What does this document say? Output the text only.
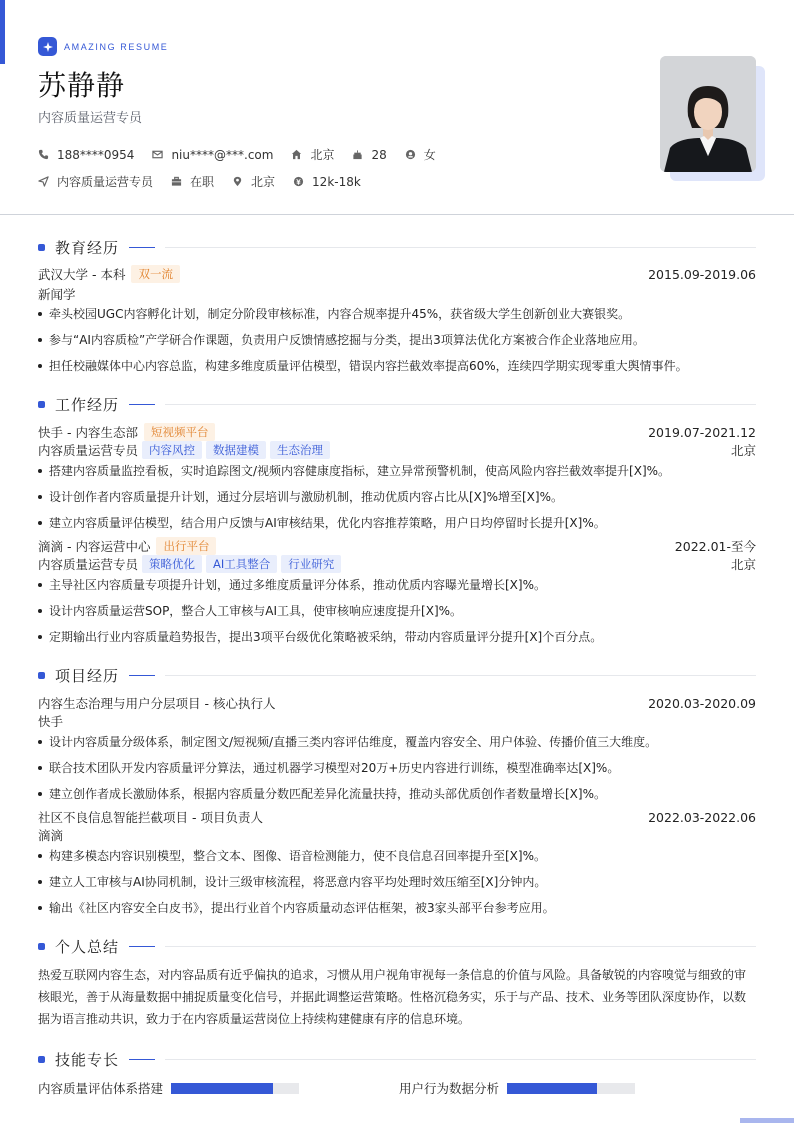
AMAZING RESUME
苏静静
内容质量运营专员
188****0954	niu****@***.com	北京	28	女
内容质量运营专员	在职	北京	12k-18k
教育经历
武汉大学 - 本科	双一流	2015.09-2019.06
新闻学
牵头校园UGC内容孵化计划，制定分阶段审核标准，内容合规率提升45%，获省级大学生创新创业大赛银奖。
参与“AI内容质检”产学研合作课题，负责用户反馈情感挖掘与分类，提出3项算法优化方案被合作企业落地应用。
担任校融媒体中心内容总监，构建多维度质量评估模型，错误内容拦截效率提高60%，连续四学期实现零重大舆情事件。
工作经历
快手 - 内容生态部	短视频平台	2019.07-2021.12
内容质量运营专员 内容风控	数据建模	生态治理	北京
搭建内容质量监控看板，实时追踪图文/视频内容健康度指标，建立异常预警机制，使高风险内容拦截效率提升[X]%。
设计创作者内容质量提升计划，通过分层培训与激励机制，推动优质内容占比从[X]%增至[X]%。
建立内容质量评估模型，结合用户反馈与AI审核结果，优化内容推荐策略，用户日均停留时长提升[X]%。
滴滴 - 内容运营中心	出行平台	2022.01-至今
内容质量运营专员 策略优化	AI工具整合	行业研究	北京
主导社区内容质量专项提升计划，通过多维度质量评分体系，推动优质内容曝光量增长[X]%。
设计内容质量运营SOP，整合人工审核与AI工具，使审核响应速度提升[X]%。
定期输出行业内容质量趋势报告，提出3项平台级优化策略被采纳，带动内容质量评分提升[X]个百分点。
项目经历
内容生态治理与用户分层项目 - 核心执行人	2020.03-2020.09
快手
设计内容质量分级体系，制定图文/短视频/直播三类内容评估维度，覆盖内容安全、用户体验、传播价值三大维度。
联合技术团队开发内容质量评分算法，通过机器学习模型对20万+历史内容进行训练，模型准确率达[X]%。
建立创作者成长激励体系，根据内容质量分数匹配差异化流量扶持，推动头部优质创作者数量增长[X]%。
社区不良信息智能拦截项目 - 项目负责人	2022.03-2022.06
滴滴
构建多模态内容识别模型，整合文本、图像、语音检测能力，使不良信息召回率提升至[X]%。
建立人工审核与AI协同机制，设计三级审核流程，将恶意内容平均处理时效压缩至[X]分钟内。
输出《社区内容安全白皮书》，提出行业首个内容质量动态评估框架，被3家头部平台参考应用。
个人总结
热爱互联网内容生态，对内容品质有近乎偏执的追求，习惯从用户视角审视每一条信息的价值与风险。具备敏锐的内容嗅觉与细致的审核眼光，善于从海量数据中捕捉质量变化信号，并据此调整运营策略。性格沉稳务实，乐于与产品、技术、业务等团队深度协作，以数据为语言推动共识，致力于在内容质量运营岗位上持续构建健康有序的信息环境。
技能专长
内容质量评估体系搭建	用户行为数据分析
